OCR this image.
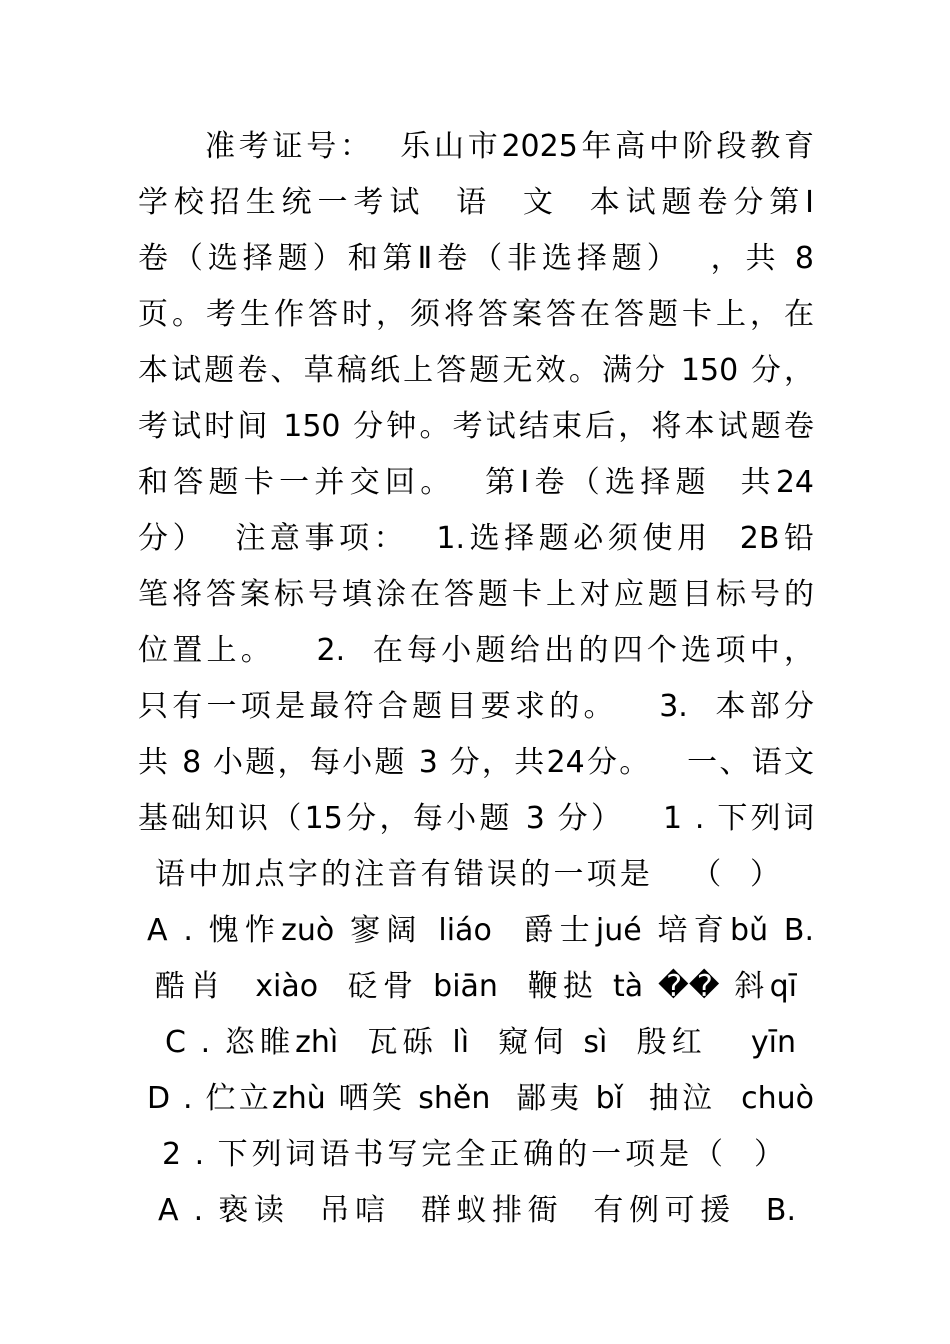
准考证号：  乐山市2025年高中阶段教育
学校招生统一考试  语  文  本试题卷分第Ⅰ
卷（选择题）和第Ⅱ卷（非选择题）  ，共 8
页。考生作答时，须将答案答在答题卡上，在
本试题卷、草稿纸上答题无效。满分 150 分，
考试时间 150 分钟。考试结束后，将本试题卷
和答题卡一并交回。  第Ⅰ卷（选择题  共24
分）  注意事项：  1.选择题必须使用  2B铅
笔将答案标号填涂在答题卡上对应题目标号的
位置上。   2.  在每小题给出的四个选项中，
只有一项是最符合题目要求的。   3.  本部分
共 8 小题，每小题 3 分，共24分。   一、语文
基础知识（15分，每小题 3 分）   1 . 下列词
语中加点字的注音有错误的一项是   （  ）
A . 愧怍zuò 寥阔 liáo  爵士jué 培育bǔ B.
酷肖  xiào  砭骨 biān  鞭挞 tà �� 斜qī
C . 恣睢zhì  瓦砾 lì  窥伺 sì  殷红   yīn
D . 伫立zhù 哂笑 shěn  鄙夷 bǐ  抽泣  chuò
2 . 下列词语书写完全正确的一项是（  ）
A . 亵读  吊唁  群蚁排衙  有例可援  B.
